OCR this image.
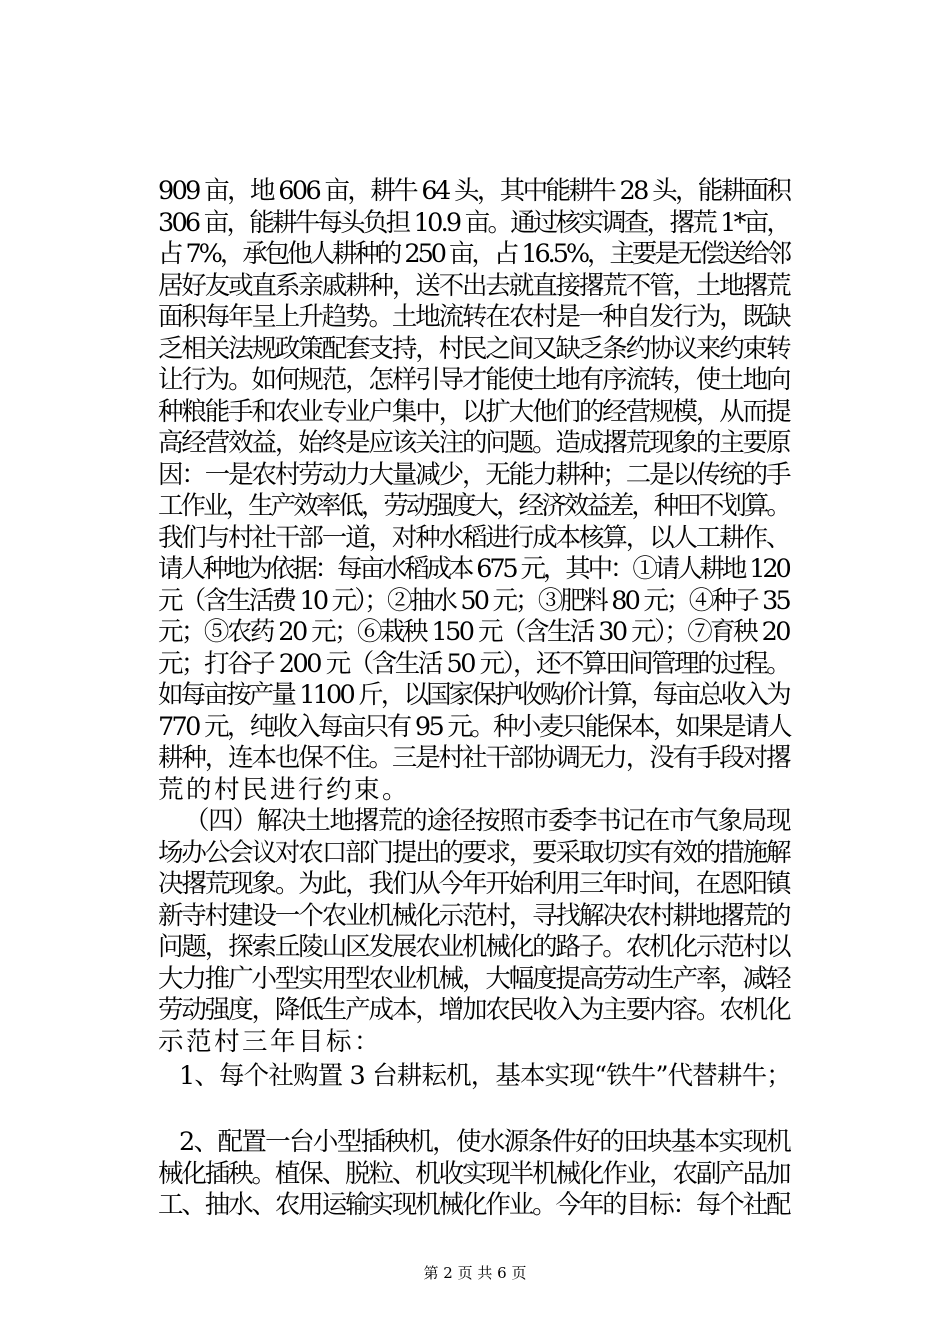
909 亩，地 606 亩，耕牛 64 头，其中能耕牛 28 头，能耕面积

306 亩，能耕牛每头负担 10.9 亩。通过核实调查，撂荒 1*亩，

占 7%，承包他人耕种的 250 亩，占 16.5%，主要是无偿送给邻

居好友或直系亲戚耕种，送不出去就直接撂荒不管，土地撂荒

面积每年呈上升趋势。土地流转在农村是一种自发行为，既缺

乏相关法规政策配套支持，村民之间又缺乏条约协议来约束转

让行为。如何规范，怎样引导才能使土地有序流转，使土地向

种粮能手和农业专业户集中，以扩大他们的经营规模，从而提

高经营效益，始终是应该关注的问题。造成撂荒现象的主要原

因：一是农村劳动力大量减少，无能力耕种；二是以传统的手

工作业，生产效率低，劳动强度大，经济效益差，种田不划算。

我们与村社干部一道，对种水稻进行成本核算，以人工耕作、

请人种地为依据：每亩水稻成本 675 元，其中：①请人耕地 120

元（含生活费 10 元）；②抽水 50 元；③肥料 80 元；④种子 35

元；⑤农药 20 元；⑥栽秧 150 元（含生活 30 元）；⑦育秧 20

元；打谷子 200 元（含生活 50 元），还不算田间管理的过程。

如每亩按产量 1100 斤，以国家保护收购价计算，每亩总收入为

770 元，纯收入每亩只有 95 元。种小麦只能保本，如果是请人

耕种，连本也保不住。三是村社干部协调无力，没有手段对撂

荒的村民进行约束。

（四）解决土地撂荒的途径按照市委李书记在市气象局现

场办公会议对农口部门提出的要求，要采取切实有效的措施解

决撂荒现象。为此，我们从今年开始利用三年时间，在恩阳镇

新寺村建设一个农业机械化示范村，寻找解决农村耕地撂荒的

问题，探索丘陵山区发展农业机械化的路子。农机化示范村以

大力推广小型实用型农业机械，大幅度提高劳动生产率，减轻

劳动强度，降低生产成本，增加农民收入为主要内容。农机化

示范村三年目标：

1、每个社购置 3 台耕耘机，基本实现“铁牛”代替耕牛；

2、配置一台小型插秧机，使水源条件好的田块基本实现机

械化插秧。植保、脱粒、机收实现半机械化作业，农副产品加

工、抽水、农用运输实现机械化作业。今年的目标：每个社配

第 2 页 共 6 页
